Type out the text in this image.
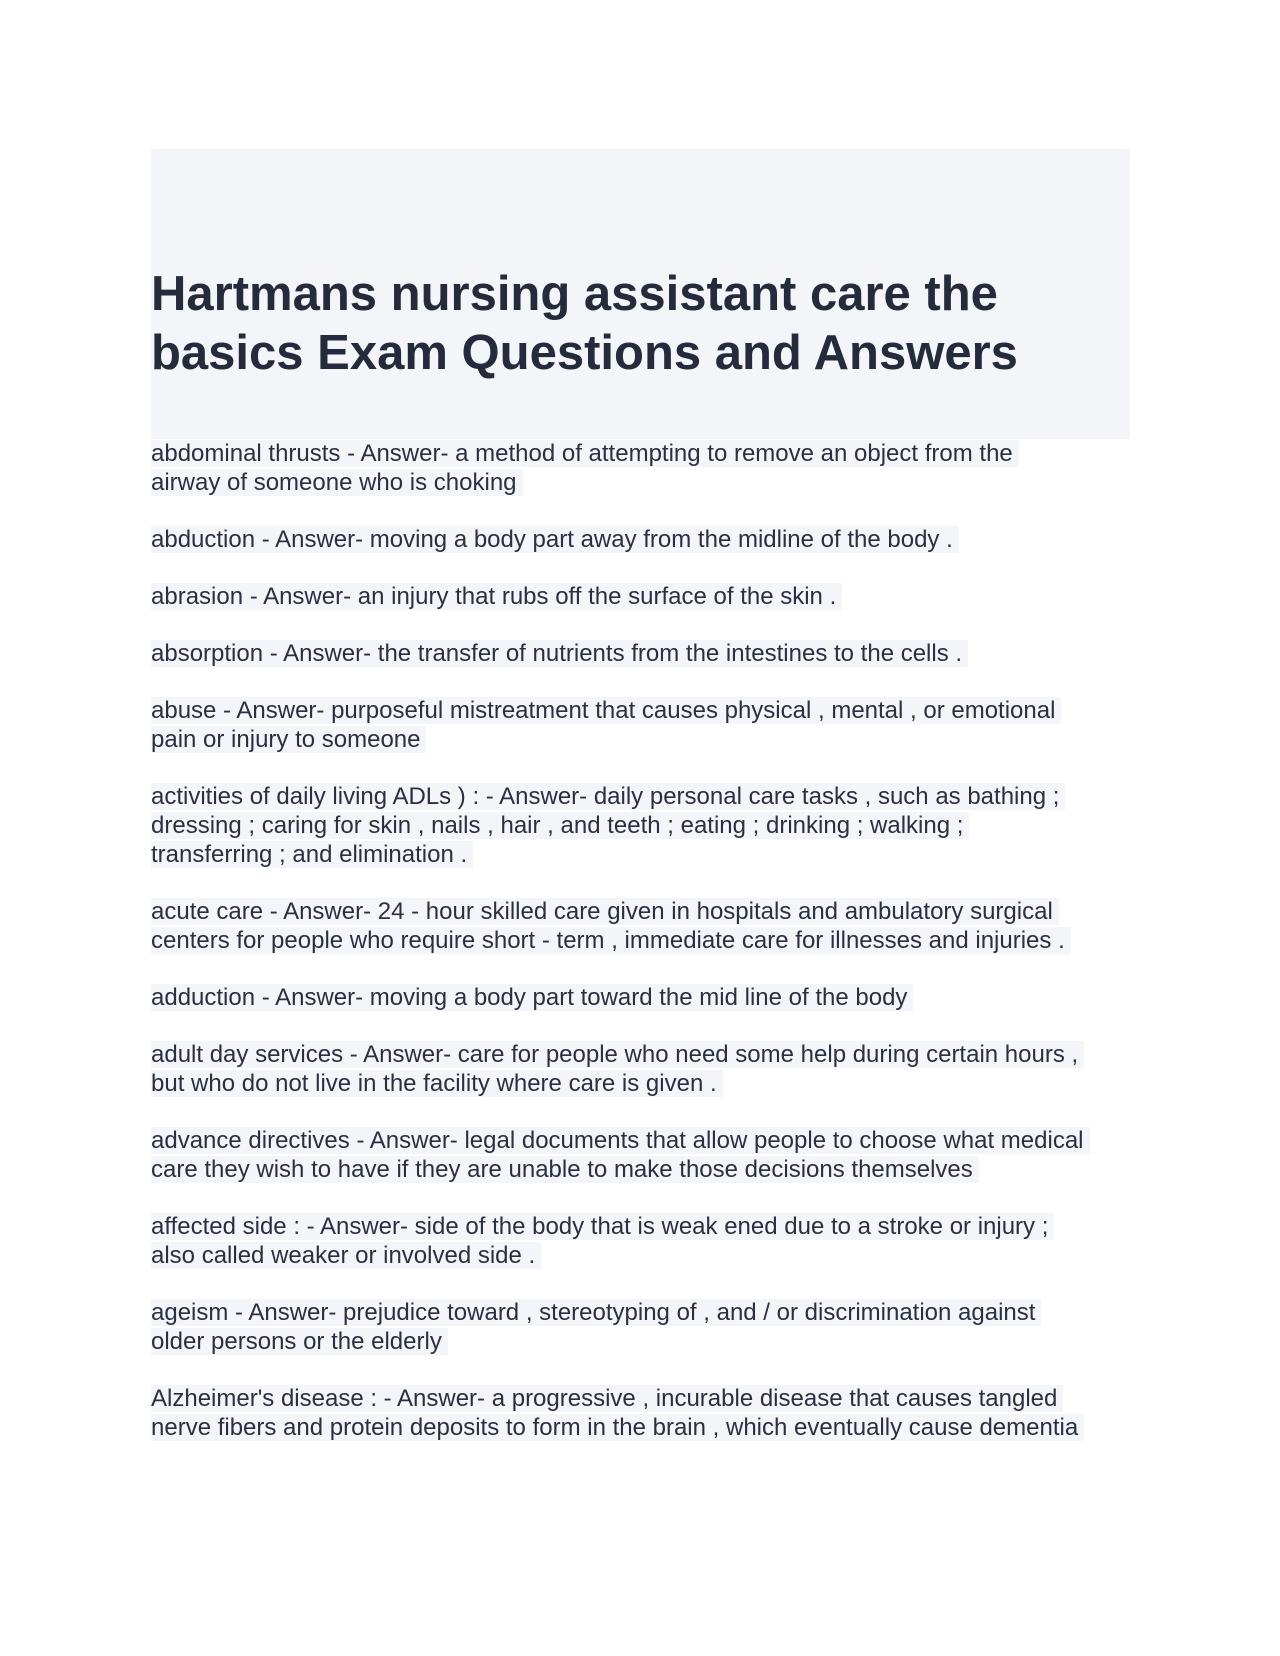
Hartmans nursing assistant care the
basics Exam Questions and Answers

abdominal thrusts - Answer- a method of attempting to remove an object from the
airway of someone who is choking

abduction - Answer- moving a body part away from the midline of the body .

abrasion - Answer- an injury that rubs off the surface of the skin .

absorption - Answer- the transfer of nutrients from the intestines to the cells .

abuse - Answer- purposeful mistreatment that causes physical , mental , or emotional
pain or injury to someone

activities of daily living ADLs ) : - Answer- daily personal care tasks , such as bathing ;
dressing ; caring for skin , nails , hair , and teeth ; eating ; drinking ; walking ;
transferring ; and elimination .

acute care - Answer- 24 - hour skilled care given in hospitals and ambulatory surgical
centers for people who require short - term , immediate care for illnesses and injuries .

adduction - Answer- moving a body part toward the mid line of the body

adult day services - Answer- care for people who need some help during certain hours ,
but who do not live in the facility where care is given .

advance directives - Answer- legal documents that allow people to choose what medical
care they wish to have if they are unable to make those decisions themselves

affected side : - Answer- side of the body that is weak ened due to a stroke or injury ;
also called weaker or involved side .

ageism - Answer- prejudice toward , stereotyping of , and / or discrimination against
older persons or the elderly

Alzheimer's disease : - Answer- a progressive , incurable disease that causes tangled
nerve fibers and protein deposits to form in the brain , which eventually cause dementia
